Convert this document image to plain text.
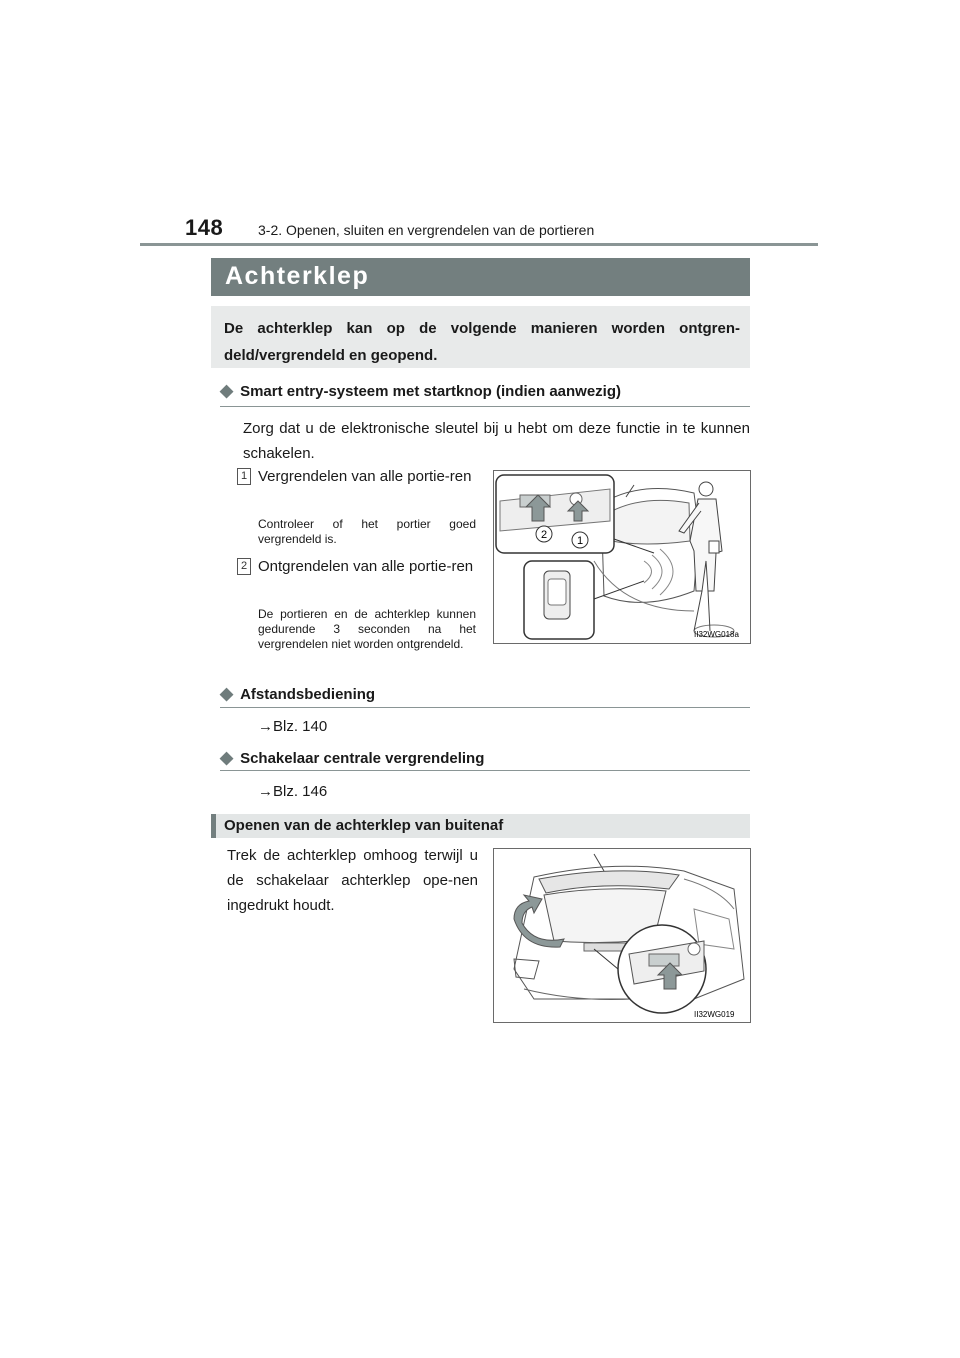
148 3-2. Openen, sluiten en vergrendelen van de portieren
Achterklep
De achterklep kan op de volgende manieren worden ontgren-deld/vergrendeld en geopend.
◆ Smart entry-systeem met startknop (indien aanwezig)
Zorg dat u de elektronische sleutel bij u hebt om deze functie in te kunnen schakelen.
1 Vergrendelen van alle portie-ren
Controleer of het portier goed vergrendeld is.
2 Ontgrendelen van alle portie-ren
De portieren en de achterklep kunnen gedurende 3 seconden na het vergrendelen niet worden ontgrendeld.
2	1
II32WG018a
◆ Afstandsbediening
→Blz. 140
◆ Schakelaar centrale vergrendeling
→Blz. 146
Openen van de achterklep van buitenaf
Trek de achterklep omhoog terwijl u de schakelaar achterklep ope-nen ingedrukt houdt.
II32WG019
